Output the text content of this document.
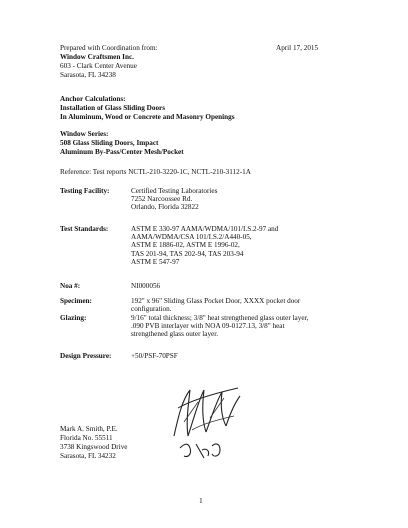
Prepared with Coordination from:	April 17, 2015
Window Craftsmen Inc.
603 - Clark Center Avenue
Sarasota, FL 34238
Anchor Calculations:
Installation of Glass Sliding Doors
In Aluminum, Wood or Concrete and Masonry Openings
Window Series:
508 Glass Sliding Doors, Impact
Aluminum By-Pass/Center Mesh/Pocket
Reference: Test reports NCTL-210-3220-1C, NCTL-210-3112-1A
Testing Facility:	Certified Testing Laboratories
7252 Narcoossee Rd.
Orlando, Florida 32822
Test Standards:	ASTM E 330-97 AAMA/WDMA/101/I.S.2-97 and
AAMA/WDMA/CSA 101/I.S.2/A440-05,
ASTM E 1886-02, ASTM E 1996-02,
TAS 201-94, TAS 202-94, TAS 203-94
ASTM E 547-97
Noa #:	NI000056
Specimen:	192" x 96" Sliding Glass Pocket Door, XXXX pocket door
configuration.
Glazing:	9/16" total thickness; 3/8" heat strengthened glass outer layer,
.090 PVB interlayer with NOA 09-0127.13, 3/8" heat
strengthened glass outer layer.
Design Pressure:	+50/PSF-70PSF
Mark A. Smith, P.E.
Florida No. 55511
3738 Kingswood Drive
Sarasota, FL 34232
1
